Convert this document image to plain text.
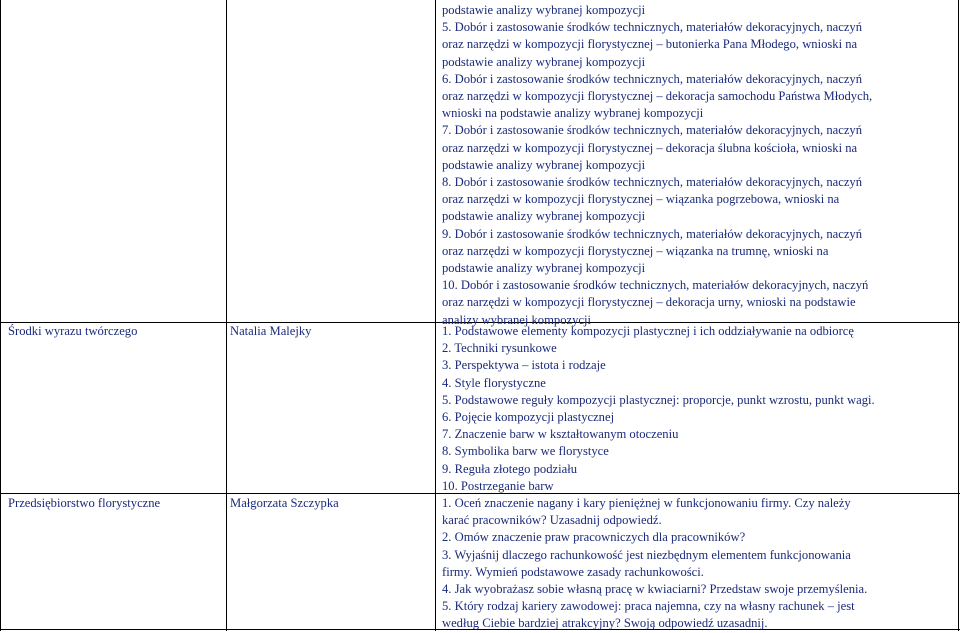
podstawie analizy wybranej kompozycji
5. Dobór i zastosowanie środków technicznych, materiałów dekoracyjnych, naczyń
oraz narzędzi w kompozycji florystycznej – butonierka Pana Młodego, wnioski na
podstawie analizy wybranej kompozycji
6. Dobór i zastosowanie środków technicznych, materiałów dekoracyjnych, naczyń
oraz narzędzi w kompozycji florystycznej – dekoracja samochodu Państwa Młodych,
wnioski na podstawie analizy wybranej kompozycji
7. Dobór i zastosowanie środków technicznych, materiałów dekoracyjnych, naczyń
oraz narzędzi w kompozycji florystycznej – dekoracja ślubna kościoła, wnioski na
podstawie analizy wybranej kompozycji
8. Dobór i zastosowanie środków technicznych, materiałów dekoracyjnych, naczyń
oraz narzędzi w kompozycji florystycznej – wiązanka pogrzebowa, wnioski na
podstawie analizy wybranej kompozycji
9. Dobór i zastosowanie środków technicznych, materiałów dekoracyjnych, naczyń
oraz narzędzi w kompozycji florystycznej – wiązanka na trumnę, wnioski na
podstawie analizy wybranej kompozycji
10. Dobór i zastosowanie środków technicznych, materiałów dekoracyjnych, naczyń
oraz narzędzi w kompozycji florystycznej – dekoracja urny, wnioski na podstawie
analizy wybranej kompozycji
Środki wyrazu twórczego	Natalia Malejky	1. Podstawowe elementy kompozycji plastycznej i ich oddziaływanie na odbiorcę
2. Techniki rysunkowe
3. Perspektywa – istota i rodzaje
4. Style florystyczne
5. Podstawowe reguły kompozycji plastycznej: proporcje, punkt wzrostu, punkt wagi.
6. Pojęcie kompozycji plastycznej
7. Znaczenie barw w kształtowanym otoczeniu
8. Symbolika barw we florystyce
9. Reguła złotego podziału
10. Postrzeganie barw
Przedsiębiorstwo florystyczne	Małgorzata Szczypka	1. Oceń znaczenie nagany i kary pieniężnej w funkcjonowaniu firmy. Czy należy
karać pracowników? Uzasadnij odpowiedź.
2. Omów znaczenie praw pracowniczych dla pracowników?
3. Wyjaśnij dlaczego rachunkowość jest niezbędnym elementem funkcjonowania
firmy. Wymień podstawowe zasady rachunkowości.
4. Jak wyobrażasz sobie własną pracę w kwiaciarni? Przedstaw swoje przemyślenia.
5. Który rodzaj kariery zawodowej: praca najemna, czy na własny rachunek – jest
według Ciebie bardziej atrakcyjny? Swoją odpowiedź uzasadnij.
